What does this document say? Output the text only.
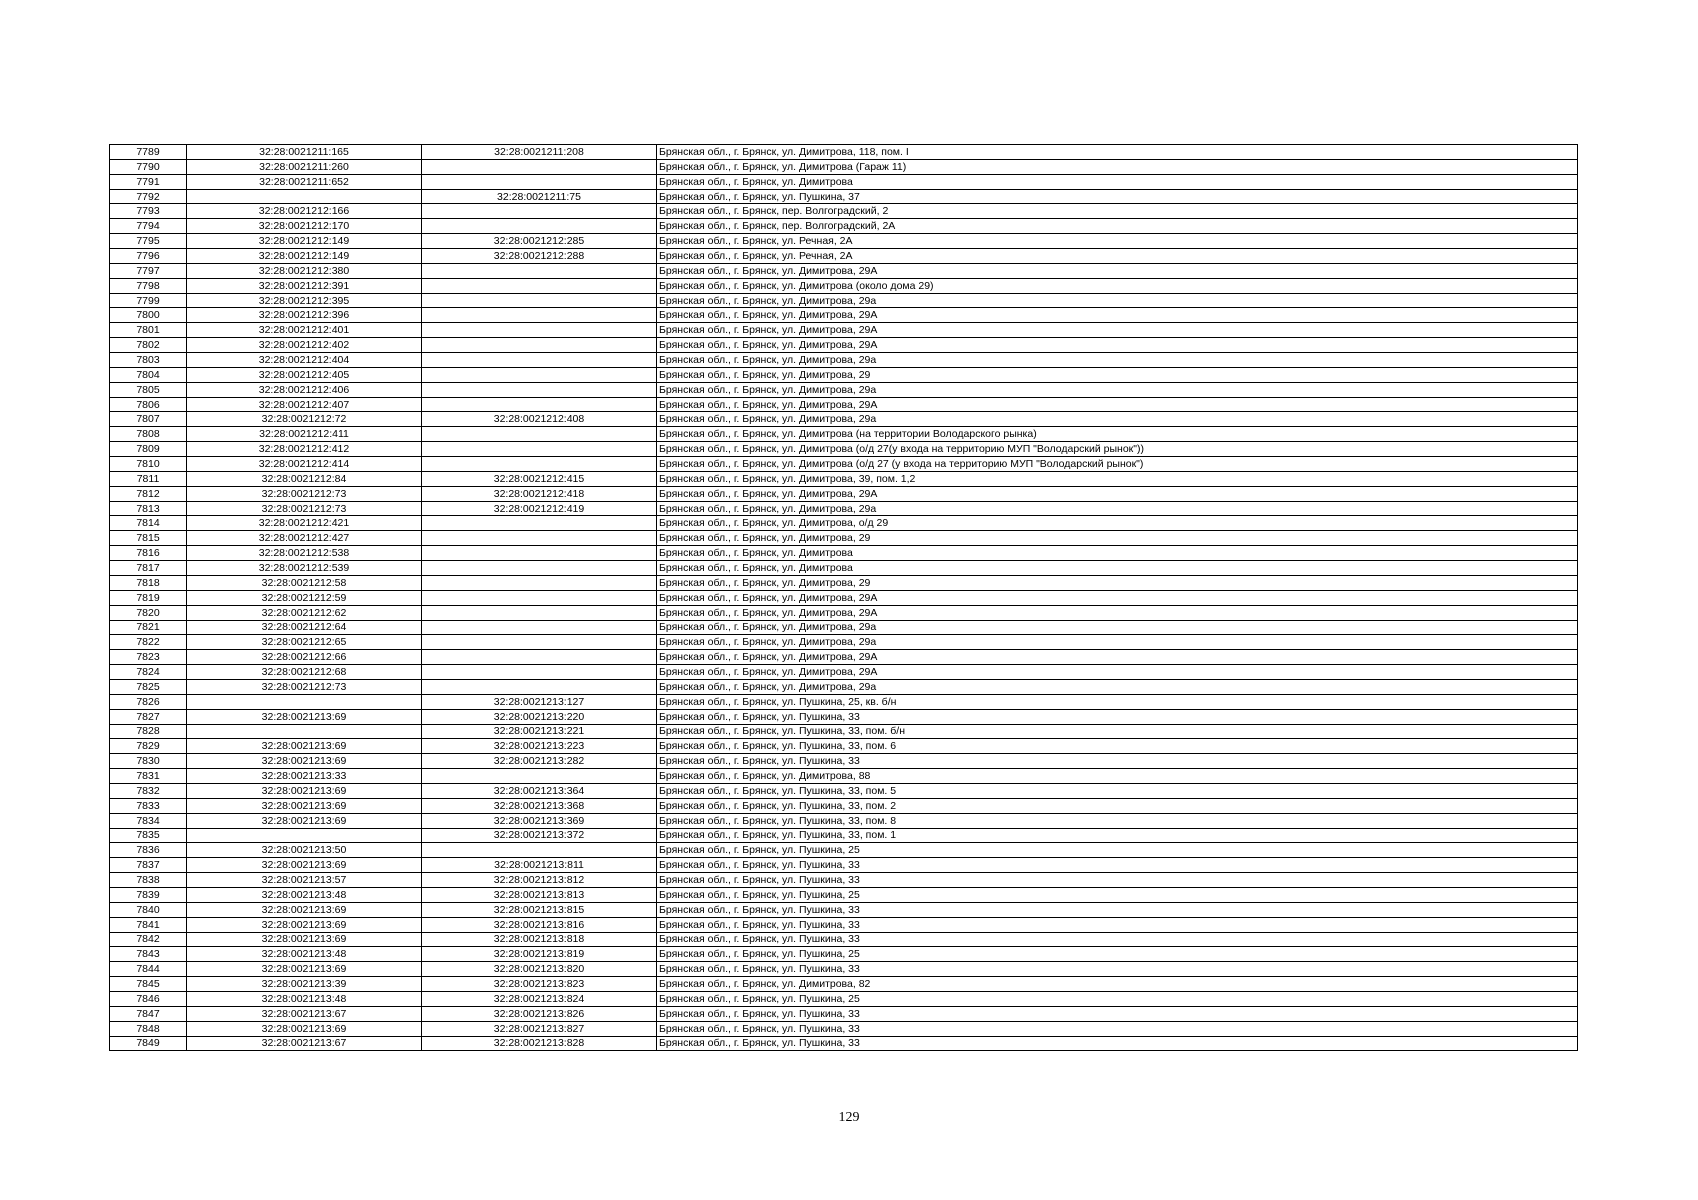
7789	32:28:0021211:165	32:28:0021211:208	Брянская обл., г. Брянск, ул. Димитрова, 118, пом. I
7790	32:28:0021211:260		Брянская обл., г. Брянск, ул. Димитрова (Гараж 11)
7791	32:28:0021211:652		Брянская обл., г. Брянск, ул. Димитрова
7792		32:28:0021211:75	Брянская обл., г. Брянск, ул. Пушкина, 37
7793	32:28:0021212:166		Брянская обл., г. Брянск, пер. Волгоградский, 2
7794	32:28:0021212:170		Брянская обл., г. Брянск, пер. Волгоградский, 2А
7795	32:28:0021212:149	32:28:0021212:285	Брянская обл., г. Брянск, ул. Речная, 2А
7796	32:28:0021212:149	32:28:0021212:288	Брянская обл., г. Брянск, ул. Речная, 2А
7797	32:28:0021212:380		Брянская обл., г. Брянск, ул. Димитрова, 29А
7798	32:28:0021212:391		Брянская обл., г. Брянск, ул. Димитрова (около дома 29)
7799	32:28:0021212:395		Брянская обл., г. Брянск, ул. Димитрова, 29а
7800	32:28:0021212:396		Брянская обл., г. Брянск, ул. Димитрова, 29А
7801	32:28:0021212:401		Брянская обл., г. Брянск, ул. Димитрова, 29А
7802	32:28:0021212:402		Брянская обл., г. Брянск, ул. Димитрова, 29А
7803	32:28:0021212:404		Брянская обл., г. Брянск, ул. Димитрова, 29а
7804	32:28:0021212:405		Брянская обл., г. Брянск, ул. Димитрова, 29
7805	32:28:0021212:406		Брянская обл., г. Брянск, ул. Димитрова, 29а
7806	32:28:0021212:407		Брянская обл., г. Брянск, ул. Димитрова, 29А
7807	32:28:0021212:72	32:28:0021212:408	Брянская обл., г. Брянск, ул. Димитрова, 29а
7808	32:28:0021212:411		Брянская обл., г. Брянск, ул. Димитрова (на территории Володарского рынка)
7809	32:28:0021212:412		Брянская обл., г. Брянск, ул. Димитрова (о/д 27(у входа на территорию МУП "Володарский рынок"))
7810	32:28:0021212:414		Брянская обл., г. Брянск, ул. Димитрова (о/д 27 (у входа на территорию МУП "Володарский рынок")
7811	32:28:0021212:84	32:28:0021212:415	Брянская обл., г. Брянск, ул. Димитрова, 39, пом. 1,2
7812	32:28:0021212:73	32:28:0021212:418	Брянская обл., г. Брянск, ул. Димитрова, 29А
7813	32:28:0021212:73	32:28:0021212:419	Брянская обл., г. Брянск, ул. Димитрова, 29а
7814	32:28:0021212:421		Брянская обл., г. Брянск, ул. Димитрова, о/д 29
7815	32:28:0021212:427		Брянская обл., г. Брянск, ул. Димитрова, 29
7816	32:28:0021212:538		Брянская обл., г. Брянск, ул. Димитрова
7817	32:28:0021212:539		Брянская обл., г. Брянск, ул. Димитрова
7818	32:28:0021212:58		Брянская обл., г. Брянск, ул. Димитрова, 29
7819	32:28:0021212:59		Брянская обл., г. Брянск, ул. Димитрова, 29А
7820	32:28:0021212:62		Брянская обл., г. Брянск, ул. Димитрова, 29А
7821	32:28:0021212:64		Брянская обл., г. Брянск, ул. Димитрова, 29а
7822	32:28:0021212:65		Брянская обл., г. Брянск, ул. Димитрова, 29а
7823	32:28:0021212:66		Брянская обл., г. Брянск, ул. Димитрова, 29А
7824	32:28:0021212:68		Брянская обл., г. Брянск, ул. Димитрова, 29А
7825	32:28:0021212:73		Брянская обл., г. Брянск, ул. Димитрова, 29а
7826		32:28:0021213:127	Брянская обл., г. Брянск, ул. Пушкина, 25, кв. б/н
7827	32:28:0021213:69	32:28:0021213:220	Брянская обл., г. Брянск, ул. Пушкина, 33
7828		32:28:0021213:221	Брянская обл., г. Брянск, ул. Пушкина, 33, пом. б/н
7829	32:28:0021213:69	32:28:0021213:223	Брянская обл., г. Брянск, ул. Пушкина, 33, пом. 6
7830	32:28:0021213:69	32:28:0021213:282	Брянская обл., г. Брянск, ул. Пушкина, 33
7831	32:28:0021213:33		Брянская обл., г. Брянск, ул. Димитрова, 88
7832	32:28:0021213:69	32:28:0021213:364	Брянская обл., г. Брянск, ул. Пушкина, 33, пом. 5
7833	32:28:0021213:69	32:28:0021213:368	Брянская обл., г. Брянск, ул. Пушкина, 33, пом. 2
7834	32:28:0021213:69	32:28:0021213:369	Брянская обл., г. Брянск, ул. Пушкина, 33, пом. 8
7835		32:28:0021213:372	Брянская обл., г. Брянск, ул. Пушкина, 33, пом. 1
7836	32:28:0021213:50		Брянская обл., г. Брянск, ул. Пушкина, 25
7837	32:28:0021213:69	32:28:0021213:811	Брянская обл., г. Брянск, ул. Пушкина, 33
7838	32:28:0021213:57	32:28:0021213:812	Брянская обл., г. Брянск, ул. Пушкина, 33
7839	32:28:0021213:48	32:28:0021213:813	Брянская обл., г. Брянск, ул. Пушкина, 25
7840	32:28:0021213:69	32:28:0021213:815	Брянская обл., г. Брянск, ул. Пушкина, 33
7841	32:28:0021213:69	32:28:0021213:816	Брянская обл., г. Брянск, ул. Пушкина, 33
7842	32:28:0021213:69	32:28:0021213:818	Брянская обл., г. Брянск, ул. Пушкина, 33
7843	32:28:0021213:48	32:28:0021213:819	Брянская обл., г. Брянск, ул. Пушкина, 25
7844	32:28:0021213:69	32:28:0021213:820	Брянская обл., г. Брянск, ул. Пушкина, 33
7845	32:28:0021213:39	32:28:0021213:823	Брянская обл., г. Брянск, ул. Димитрова, 82
7846	32:28:0021213:48	32:28:0021213:824	Брянская обл., г. Брянск, ул. Пушкина, 25
7847	32:28:0021213:67	32:28:0021213:826	Брянская обл., г. Брянск, ул. Пушкина, 33
7848	32:28:0021213:69	32:28:0021213:827	Брянская обл., г. Брянск, ул. Пушкина, 33
7849	32:28:0021213:67	32:28:0021213:828	Брянская обл., г. Брянск, ул. Пушкина, 33
129
